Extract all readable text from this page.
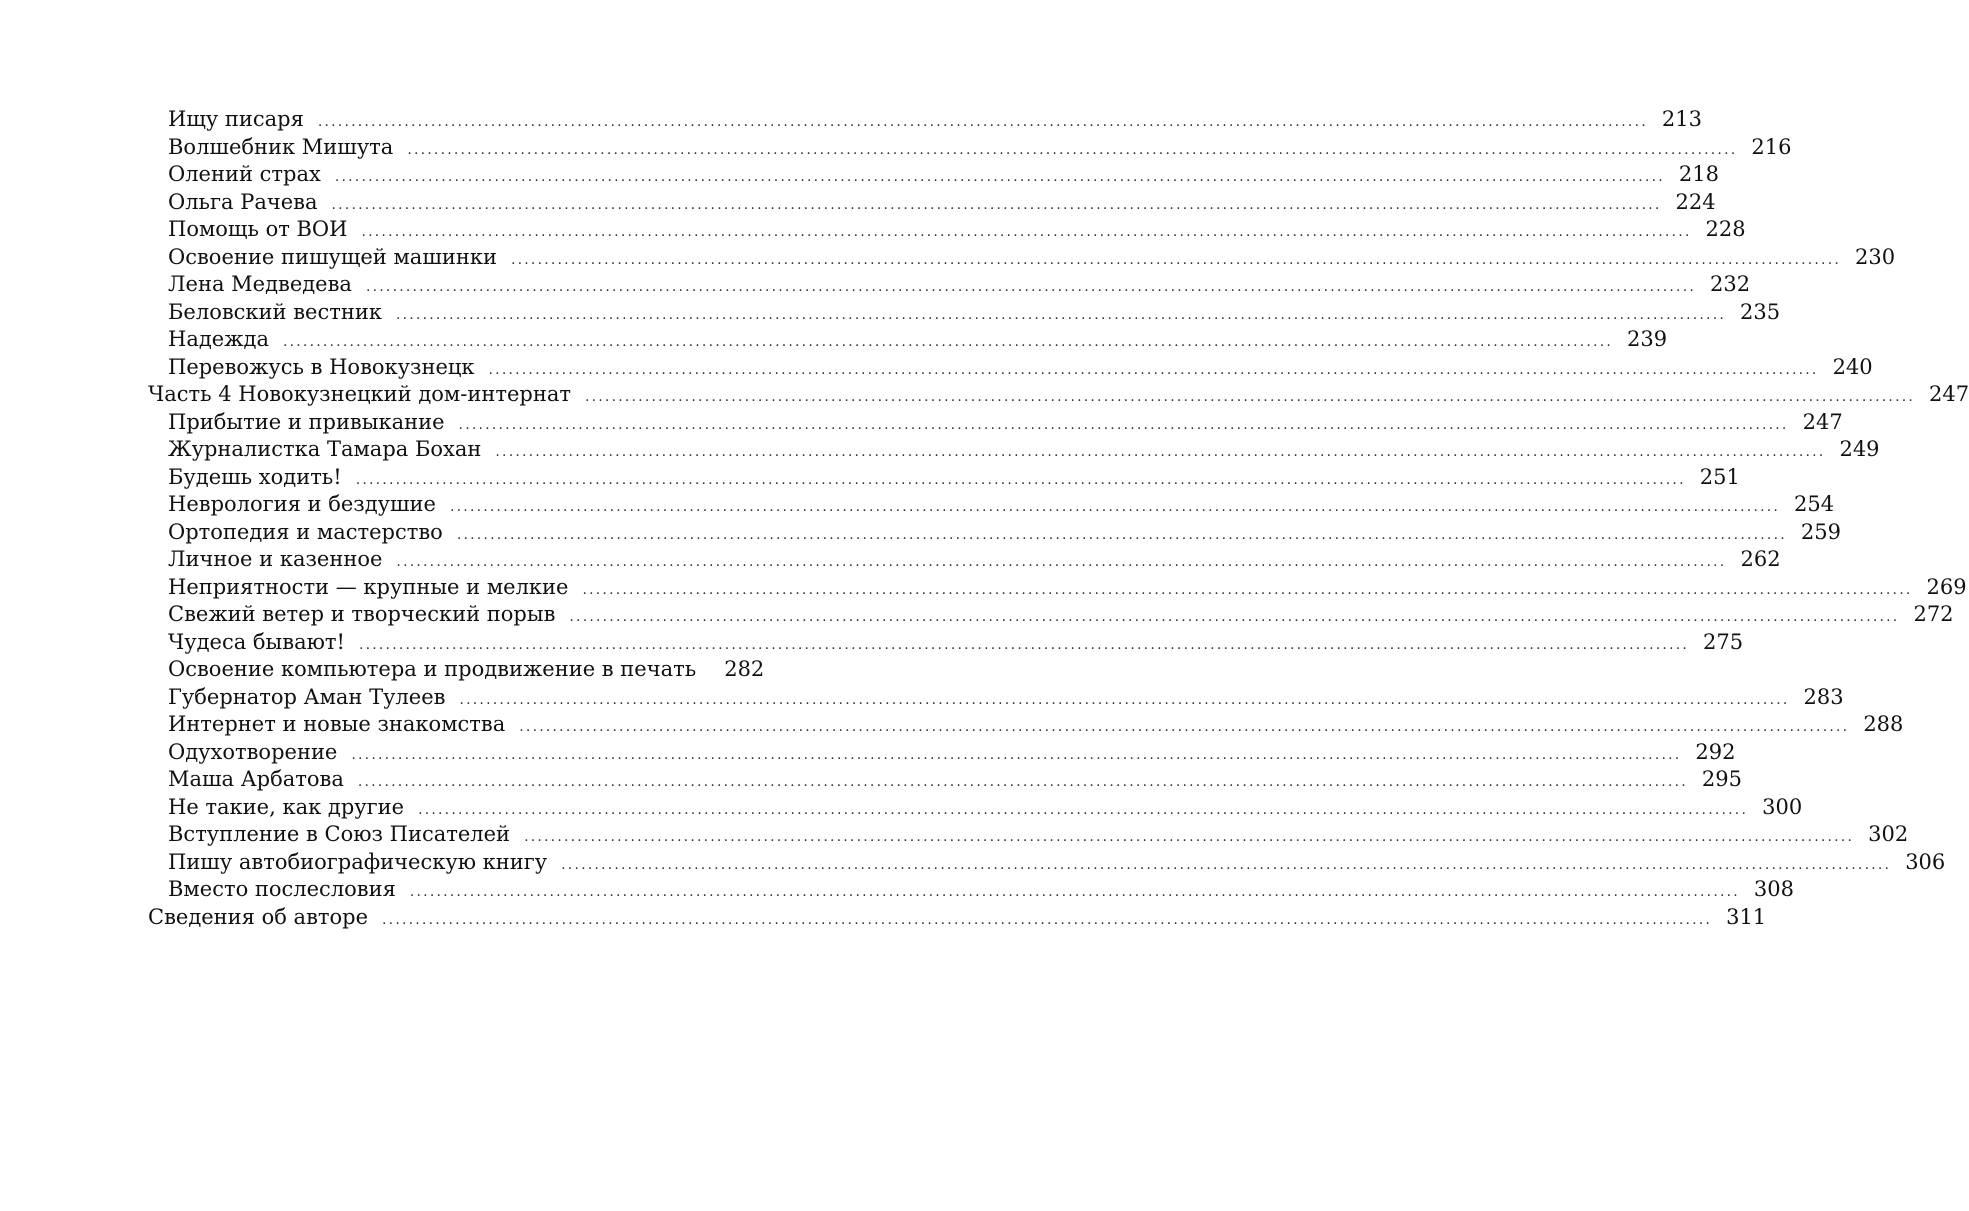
Ищу писаря ........................................................................................................................................................................................................ 213
Волшебник Мишута ........................................................................................................................................................................................................ 216
Олений страх ........................................................................................................................................................................................................ 218
Ольга Рачева ........................................................................................................................................................................................................ 224
Помощь от ВОИ ........................................................................................................................................................................................................ 228
Освоение пишущей машинки ........................................................................................................................................................................................................ 230
Лена Медведева ........................................................................................................................................................................................................ 232
Беловский вестник ........................................................................................................................................................................................................ 235
Надежда ........................................................................................................................................................................................................ 239
Перевожусь в Новокузнецк ........................................................................................................................................................................................................ 240
Часть 4 Новокузнецкий дом-интернат ........................................................................................................................................................................................................ 247
Прибытие и привыкание ........................................................................................................................................................................................................ 247
Журналистка Тамара Бохан ........................................................................................................................................................................................................ 249
Будешь ходить! ........................................................................................................................................................................................................ 251
Неврология и бездушие ........................................................................................................................................................................................................ 254
Ортопедия и мастерство ........................................................................................................................................................................................................ 259
Личное и казенное ........................................................................................................................................................................................................ 262
Неприятности — крупные и мелкие ........................................................................................................................................................................................................ 269
Свежий ветер и творческий порыв ........................................................................................................................................................................................................ 272
Чудеса бывают! ........................................................................................................................................................................................................ 275
Освоение компьютера и продвижение в печать 282
Губернатор Аман Тулеев ........................................................................................................................................................................................................ 283
Интернет и новые знакомства ........................................................................................................................................................................................................ 288
Одухотворение ........................................................................................................................................................................................................ 292
Маша Арбатова ........................................................................................................................................................................................................ 295
Не такие, как другие ........................................................................................................................................................................................................ 300
Вступление в Союз Писателей ........................................................................................................................................................................................................ 302
Пишу автобиографическую книгу ........................................................................................................................................................................................................ 306
Вместо послесловия ........................................................................................................................................................................................................ 308
Сведения об авторе ........................................................................................................................................................................................................ 311
